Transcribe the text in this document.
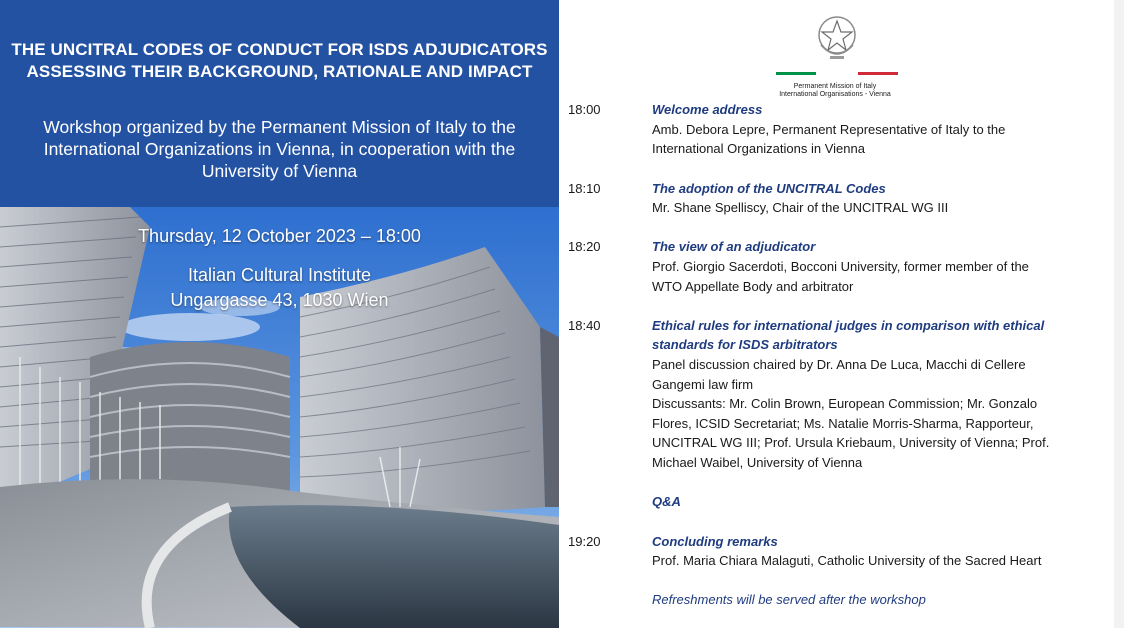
THE UNCITRAL CODES OF CONDUCT FOR ISDS ADJUDICATORS
ASSESSING THEIR BACKGROUND, RATIONALE AND IMPACT
Workshop organized by the Permanent Mission of Italy to the
International Organizations in Vienna, in cooperation with the
University of Vienna
Thursday, 12 October 2023 – 18:00
Italian Cultural Institute
Ungargasse 43, 1030 Wien
Permanent Mission of Italy
International Organisations - Vienna
18:00	Welcome address
Amb. Debora Lepre, Permanent Representative of Italy to the
International Organizations in Vienna
18:10	The adoption of the UNCITRAL Codes
Mr. Shane Spelliscy, Chair of the UNCITRAL WG III
18:20	The view of an adjudicator
Prof. Giorgio Sacerdoti, Bocconi University, former member of the
WTO Appellate Body and arbitrator
18:40	Ethical rules for international judges in comparison with ethical
standards for ISDS arbitrators
Panel discussion chaired by Dr. Anna De Luca, Macchi di Cellere
Gangemi law firm
Discussants: Mr. Colin Brown, European Commission; Mr. Gonzalo
Flores, ICSID Secretariat; Ms. Natalie Morris-Sharma, Rapporteur,
UNCITRAL WG III; Prof. Ursula Kriebaum, University of Vienna; Prof.
Michael Waibel, University of Vienna
Q&A
19:20	Concluding remarks
Prof. Maria Chiara Malaguti, Catholic University of the Sacred Heart
Refreshments will be served after the workshop
